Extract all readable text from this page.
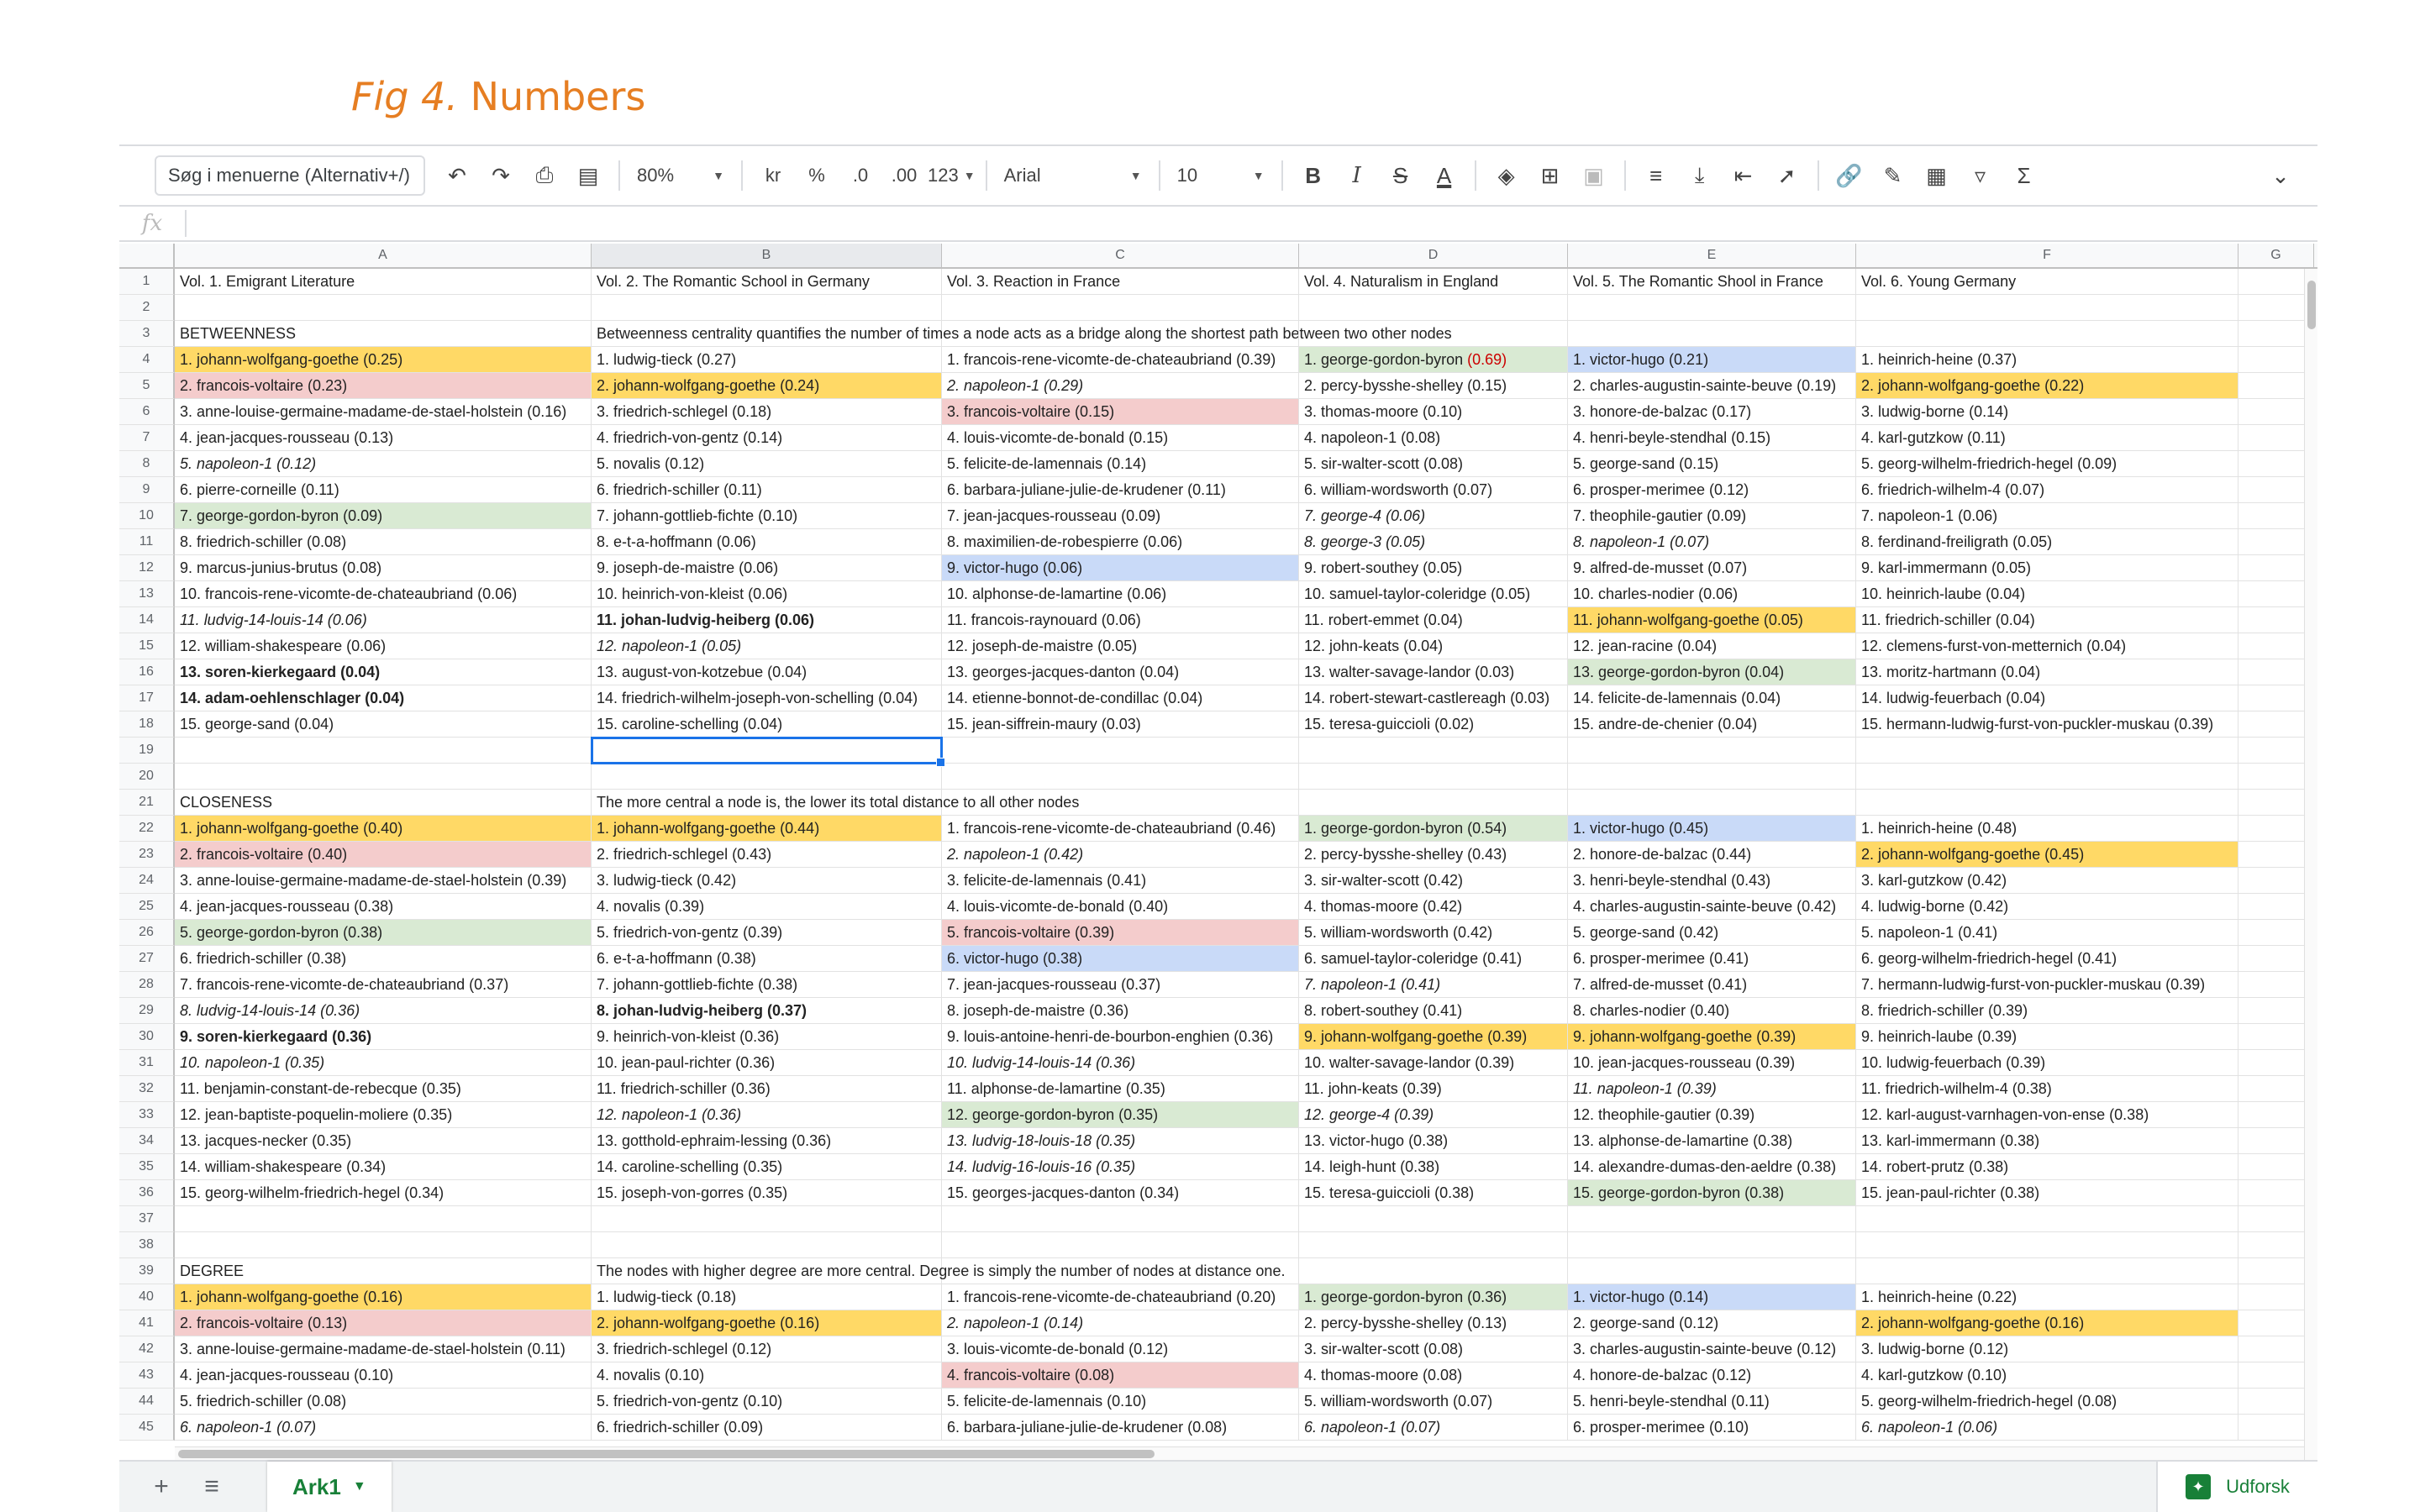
Fig 4. Numbers
Søg i menuerne (Alternativ+/)	↶	↷	⎙	▤	80%	▼	kr	%	.0	.00 123 ▼ Arial	▼ 10	▼	B	I	S	A	◈	⊞	▣	≡	⤓	⇤	➚	🔗 ✎	▦	▿	Σ	⌄
fx
A	B	C	D	E	F	G
1	Vol. 1. Emigrant Literature	Vol. 2. The Romantic School in Germany	Vol. 3. Reaction in France	Vol. 4. Naturalism in England	Vol. 5. The Romantic Shool in France	Vol. 6. Young Germany
2
3	BETWEENNESS	Betweenness centrality quantifies the number of times a node acts as a bridge along the shortest path between two other nodes
4	1. johann-wolfgang-goethe (0.25)	1. ludwig-tieck (0.27)	1. francois-rene-vicomte-de-chateaubriand (0.39)	1. george-gordon-byron (0.69)	1. victor-hugo (0.21)	1. heinrich-heine (0.37)
5	2. francois-voltaire (0.23)	2. johann-wolfgang-goethe (0.24)	2. napoleon-1 (0.29)	2. percy-bysshe-shelley (0.15)	2. charles-augustin-sainte-beuve (0.19)	2. johann-wolfgang-goethe (0.22)
6	3. anne-louise-germaine-madame-de-stael-holstein (0.16)	3. friedrich-schlegel (0.18)	3. francois-voltaire (0.15)	3. thomas-moore (0.10)	3. honore-de-balzac (0.17)	3. ludwig-borne (0.14)
7	4. jean-jacques-rousseau (0.13)	4. friedrich-von-gentz (0.14)	4. louis-vicomte-de-bonald (0.15)	4. napoleon-1 (0.08)	4. henri-beyle-stendhal (0.15)	4. karl-gutzkow (0.11)
8	5. napoleon-1 (0.12)	5. novalis (0.12)	5. felicite-de-lamennais (0.14)	5. sir-walter-scott (0.08)	5. george-sand (0.15)	5. georg-wilhelm-friedrich-hegel (0.09)
9	6. pierre-corneille (0.11)	6. friedrich-schiller (0.11)	6. barbara-juliane-julie-de-krudener (0.11)	6. william-wordsworth (0.07)	6. prosper-merimee (0.12)	6. friedrich-wilhelm-4 (0.07)
10	7. george-gordon-byron (0.09)	7. johann-gottlieb-fichte (0.10)	7. jean-jacques-rousseau (0.09)	7. george-4 (0.06)	7. theophile-gautier (0.09)	7. napoleon-1 (0.06)
11	8. friedrich-schiller (0.08)	8. e-t-a-hoffmann (0.06)	8. maximilien-de-robespierre (0.06)	8. george-3 (0.05)	8. napoleon-1 (0.07)	8. ferdinand-freiligrath (0.05)
12	9. marcus-junius-brutus (0.08)	9. joseph-de-maistre (0.06)	9. victor-hugo (0.06)	9. robert-southey (0.05)	9. alfred-de-musset (0.07)	9. karl-immermann (0.05)
13	10. francois-rene-vicomte-de-chateaubriand (0.06)	10. heinrich-von-kleist (0.06)	10. alphonse-de-lamartine (0.06)	10. samuel-taylor-coleridge (0.05)	10. charles-nodier (0.06)	10. heinrich-laube (0.04)
14	11. ludvig-14-louis-14 (0.06)	11. johan-ludvig-heiberg (0.06)	11. francois-raynouard (0.06)	11. robert-emmet (0.04)	11. johann-wolfgang-goethe (0.05)	11. friedrich-schiller (0.04)
15	12. william-shakespeare (0.06)	12. napoleon-1 (0.05)	12. joseph-de-maistre (0.05)	12. john-keats (0.04)	12. jean-racine (0.04)	12. clemens-furst-von-metternich (0.04)
16	13. soren-kierkegaard (0.04)	13. august-von-kotzebue (0.04)	13. georges-jacques-danton (0.04)	13. walter-savage-landor (0.03)	13. george-gordon-byron (0.04)	13. moritz-hartmann (0.04)
17	14. adam-oehlenschlager (0.04)	14. friedrich-wilhelm-joseph-von-schelling (0.04)	14. etienne-bonnot-de-condillac (0.04)	14. robert-stewart-castlereagh (0.03)	14. felicite-de-lamennais (0.04)	14. ludwig-feuerbach (0.04)
18	15. george-sand (0.04)	15. caroline-schelling (0.04)	15. jean-siffrein-maury (0.03)	15. teresa-guiccioli (0.02)	15. andre-de-chenier (0.04)	15. hermann-ludwig-furst-von-puckler-muskau (0.39)
19
20
21	CLOSENESS	The more central a node is, the lower its total distance to all other nodes
22	1. johann-wolfgang-goethe (0.40)	1. johann-wolfgang-goethe (0.44)	1. francois-rene-vicomte-de-chateaubriand (0.46)	1. george-gordon-byron (0.54)	1. victor-hugo (0.45)	1. heinrich-heine (0.48)
23	2. francois-voltaire (0.40)	2. friedrich-schlegel (0.43)	2. napoleon-1 (0.42)	2. percy-bysshe-shelley (0.43)	2. honore-de-balzac (0.44)	2. johann-wolfgang-goethe (0.45)
24	3. anne-louise-germaine-madame-de-stael-holstein (0.39)	3. ludwig-tieck (0.42)	3. felicite-de-lamennais (0.41)	3. sir-walter-scott (0.42)	3. henri-beyle-stendhal (0.43)	3. karl-gutzkow (0.42)
25	4. jean-jacques-rousseau (0.38)	4. novalis (0.39)	4. louis-vicomte-de-bonald (0.40)	4. thomas-moore (0.42)	4. charles-augustin-sainte-beuve (0.42)	4. ludwig-borne (0.42)
26	5. george-gordon-byron (0.38)	5. friedrich-von-gentz (0.39)	5. francois-voltaire (0.39)	5. william-wordsworth (0.42)	5. george-sand (0.42)	5. napoleon-1 (0.41)
27	6. friedrich-schiller (0.38)	6. e-t-a-hoffmann (0.38)	6. victor-hugo (0.38)	6. samuel-taylor-coleridge (0.41)	6. prosper-merimee (0.41)	6. georg-wilhelm-friedrich-hegel (0.41)
28	7. francois-rene-vicomte-de-chateaubriand (0.37)	7. johann-gottlieb-fichte (0.38)	7. jean-jacques-rousseau (0.37)	7. napoleon-1 (0.41)	7. alfred-de-musset (0.41)	7. hermann-ludwig-furst-von-puckler-muskau (0.39)
29	8. ludvig-14-louis-14 (0.36)	8. johan-ludvig-heiberg (0.37)	8. joseph-de-maistre (0.36)	8. robert-southey (0.41)	8. charles-nodier (0.40)	8. friedrich-schiller (0.39)
30	9. soren-kierkegaard (0.36)	9. heinrich-von-kleist (0.36)	9. louis-antoine-henri-de-bourbon-enghien (0.36)	9. johann-wolfgang-goethe (0.39)	9. johann-wolfgang-goethe (0.39)	9. heinrich-laube (0.39)
31	10. napoleon-1 (0.35)	10. jean-paul-richter (0.36)	10. ludvig-14-louis-14 (0.36)	10. walter-savage-landor (0.39)	10. jean-jacques-rousseau (0.39)	10. ludwig-feuerbach (0.39)
32	11. benjamin-constant-de-rebecque (0.35)	11. friedrich-schiller (0.36)	11. alphonse-de-lamartine (0.35)	11. john-keats (0.39)	11. napoleon-1 (0.39)	11. friedrich-wilhelm-4 (0.38)
33	12. jean-baptiste-poquelin-moliere (0.35)	12. napoleon-1 (0.36)	12. george-gordon-byron (0.35)	12. george-4 (0.39)	12. theophile-gautier (0.39)	12. karl-august-varnhagen-von-ense (0.38)
34	13. jacques-necker (0.35)	13. gotthold-ephraim-lessing (0.36)	13. ludvig-18-louis-18 (0.35)	13. victor-hugo (0.38)	13. alphonse-de-lamartine (0.38)	13. karl-immermann (0.38)
35	14. william-shakespeare (0.34)	14. caroline-schelling (0.35)	14. ludvig-16-louis-16 (0.35)	14. leigh-hunt (0.38)	14. alexandre-dumas-den-aeldre (0.38)	14. robert-prutz (0.38)
36	15. georg-wilhelm-friedrich-hegel (0.34)	15. joseph-von-gorres (0.35)	15. georges-jacques-danton (0.34)	15. teresa-guiccioli (0.38)	15. george-gordon-byron (0.38)	15. jean-paul-richter (0.38)
37
38
39	DEGREE	The nodes with higher degree are more central. Degree is simply the number of nodes at distance one.
40	1. johann-wolfgang-goethe (0.16)	1. ludwig-tieck (0.18)	1. francois-rene-vicomte-de-chateaubriand (0.20)	1. george-gordon-byron (0.36)	1. victor-hugo (0.14)	1. heinrich-heine (0.22)
41	2. francois-voltaire (0.13)	2. johann-wolfgang-goethe (0.16)	2. napoleon-1 (0.14)	2. percy-bysshe-shelley (0.13)	2. george-sand (0.12)	2. johann-wolfgang-goethe (0.16)
42	3. anne-louise-germaine-madame-de-stael-holstein (0.11)	3. friedrich-schlegel (0.12)	3. louis-vicomte-de-bonald (0.12)	3. sir-walter-scott (0.08)	3. charles-augustin-sainte-beuve (0.12)	3. ludwig-borne (0.12)
43	4. jean-jacques-rousseau (0.10)	4. novalis (0.10)	4. francois-voltaire (0.08)	4. thomas-moore (0.08)	4. honore-de-balzac (0.12)	4. karl-gutzkow (0.10)
44	5. friedrich-schiller (0.08)	5. friedrich-von-gentz (0.10)	5. felicite-de-lamennais (0.10)	5. william-wordsworth (0.07)	5. henri-beyle-stendhal (0.11)	5. georg-wilhelm-friedrich-hegel (0.08)
45	6. napoleon-1 (0.07)	6. friedrich-schiller (0.09)	6. barbara-juliane-julie-de-krudener (0.08)	6. napoleon-1 (0.07)	6. prosper-merimee (0.10)	6. napoleon-1 (0.06)
+	≡	Ark1 ▼	✦	Udforsk
